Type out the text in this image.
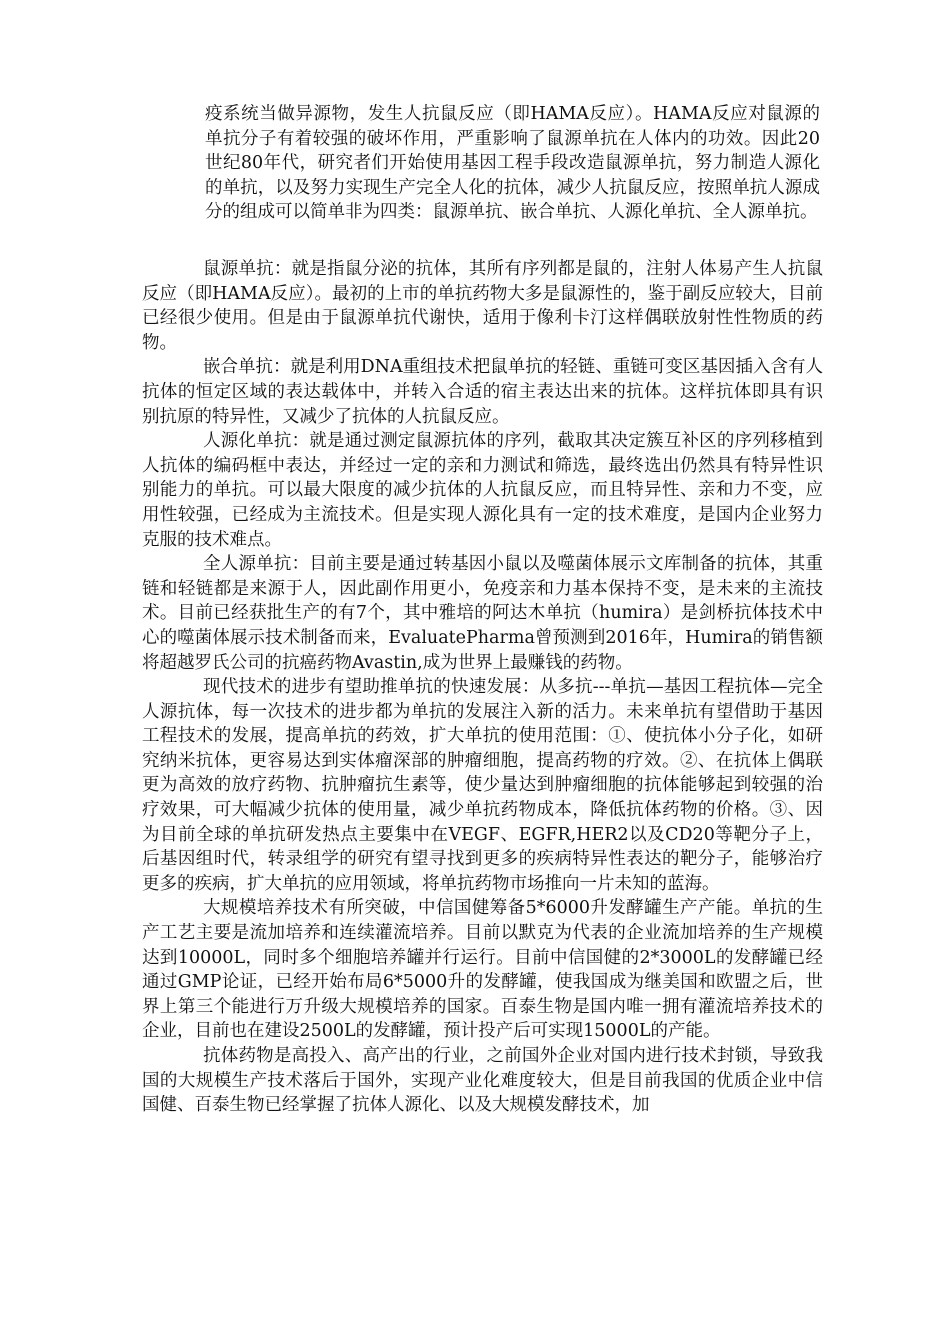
疫系统当做异源物，发生人抗鼠反应（即HAMA反应）。HAMA反应对鼠源的单抗分子有着较强的破坏作用，严重影响了鼠源单抗在人体内的功效。因此20世纪80年代，研究者们开始使用基因工程手段改造鼠源单抗，努力制造人源化的单抗，以及努力实现生产完全人化的抗体，减少人抗鼠反应，按照单抗人源成分的组成可以简单非为四类：鼠源单抗、嵌合单抗、人源化单抗、全人源单抗。

鼠源单抗：就是指鼠分泌的抗体，其所有序列都是鼠的，注射人体易产生人抗鼠反应（即HAMA反应）。最初的上市的单抗药物大多是鼠源性的，鉴于副反应较大，目前已经很少使用。但是由于鼠源单抗代谢快，适用于像利卡汀这样偶联放射性性物质的药物。

嵌合单抗：就是利用DNA重组技术把鼠单抗的轻链、重链可变区基因插入含有人抗体的恒定区域的表达载体中，并转入合适的宿主表达出来的抗体。这样抗体即具有识别抗原的特异性，又减少了抗体的人抗鼠反应。

人源化单抗：就是通过测定鼠源抗体的序列，截取其决定簇互补区的序列移植到人抗体的编码框中表达，并经过一定的亲和力测试和筛选，最终选出仍然具有特异性识别能力的单抗。可以最大限度的减少抗体的人抗鼠反应，而且特异性、亲和力不变，应用性较强，已经成为主流技术。但是实现人源化具有一定的技术难度，是国内企业努力克服的技术难点。

全人源单抗：目前主要是通过转基因小鼠以及噬菌体展示文库制备的抗体，其重链和轻链都是来源于人，因此副作用更小，免疫亲和力基本保持不变，是未来的主流技术。目前已经获批生产的有7个，其中雅培的阿达木单抗（humira）是剑桥抗体技术中心的噬菌体展示技术制备而来，EvaluatePharma曾预测到2016年，Humira的销售额将超越罗氏公司的抗癌药物Avastin,成为世界上最赚钱的药物。

现代技术的进步有望助推单抗的快速发展：从多抗---单抗—基因工程抗体—完全人源抗体，每一次技术的进步都为单抗的发展注入新的活力。未来单抗有望借助于基因工程技术的发展，提高单抗的药效，扩大单抗的使用范围：①、使抗体小分子化，如研究纳米抗体，更容易达到实体瘤深部的肿瘤细胞，提高药物的疗效。②、在抗体上偶联更为高效的放疗药物、抗肿瘤抗生素等，使少量达到肿瘤细胞的抗体能够起到较强的治疗效果，可大幅减少抗体的使用量，减少单抗药物成本，降低抗体药物的价格。③、因为目前全球的单抗研发热点主要集中在VEGF、EGFR,HER2以及CD20等靶分子上，后基因组时代，转录组学的研究有望寻找到更多的疾病特异性表达的靶分子，能够治疗更多的疾病，扩大单抗的应用领域，将单抗药物市场推向一片未知的蓝海。

大规模培养技术有所突破，中信国健筹备5*6000升发酵罐生产产能。单抗的生产工艺主要是流加培养和连续灌流培养。目前以默克为代表的企业流加培养的生产规模达到10000L，同时多个细胞培养罐并行运行。目前中信国健的2*3000L的发酵罐已经通过GMP论证，已经开始布局6*5000升的发酵罐，使我国成为继美国和欧盟之后，世界上第三个能进行万升级大规模培养的国家。百泰生物是国内唯一拥有灌流培养技术的企业，目前也在建设2500L的发酵罐，预计投产后可实现15000L的产能。

抗体药物是高投入、高产出的行业，之前国外企业对国内进行技术封锁，导致我国的大规模生产技术落后于国外，实现产业化难度较大，但是目前我国的优质企业中信国健、百泰生物已经掌握了抗体人源化、以及大规模发酵技术，加
